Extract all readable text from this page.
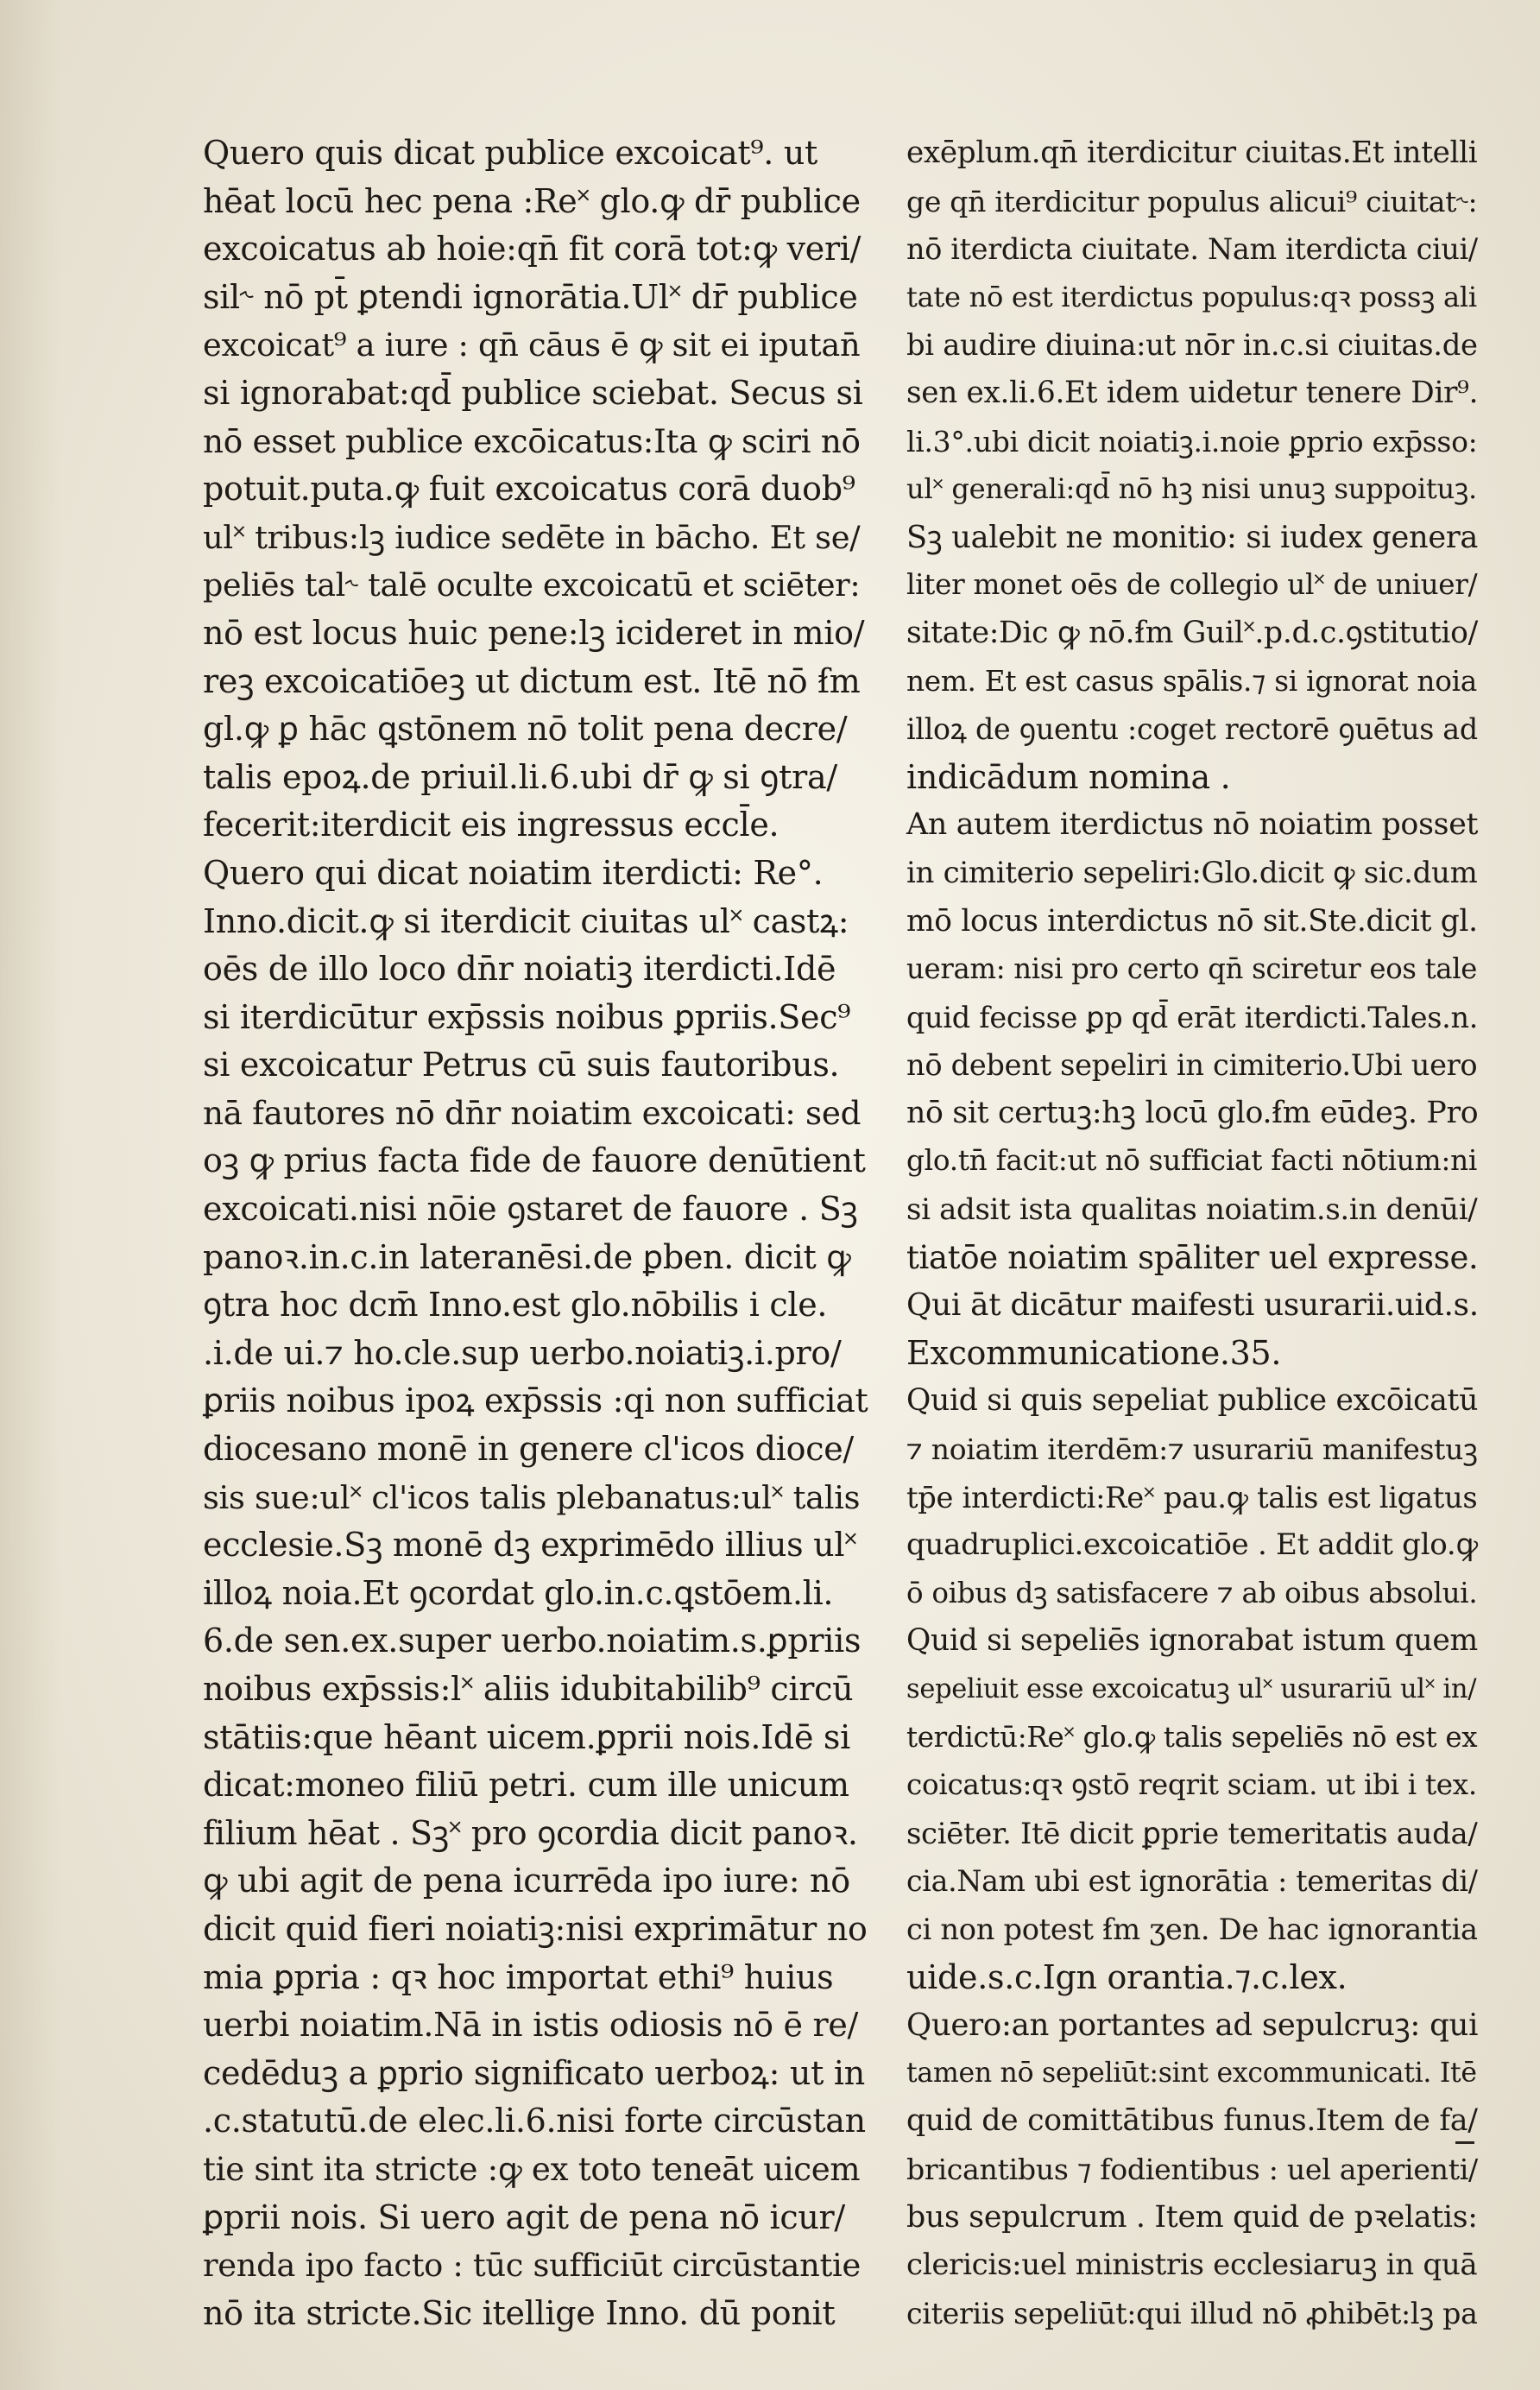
Quero quis dicat publice excoicat⁹. ut
hēat locū hec pena :Re˟ glo.ꝙ dr̄ publice
excoicatus ab hoie:qn̄ fit corā tot:ꝙ veri/
sil˞ nō pt̄ ꝑtendi ignorātia.Ul˟ dr̄ publice
excoicat⁹ a iure : qn̄ cāus ē ꝙ sit ei iputan̄
si ignorabat:qd̄ publice sciebat. Secus si
nō esset publice excōicatus:Ita ꝙ sciri nō
potuit.puta.ꝙ fuit excoicatus corā duob⁹
ul˟ tribus:lꝫ iudice sedēte in bācho. Et se/
peliēs tal˞ talē oculte excoicatū et sciēter:
nō est locus huic pene:lꝫ icideret in mio/
reꝫ excoicatiōeꝫ ut dictum est. Itē nō ẜm
gl.ꝙ ꝑ hāc ꝗstōnem nō tolit pena decre/
talis epoꝝ.de priuil.li.6.ubi dr̄ ꝙ si ꝯtra/
fecerit:iterdicit eis ingressus eccl̄e.
Quero qui dicat noiatim iterdicti: Re°.
Inno.dicit.ꝙ si iterdicit ciuitas ul˟ castꝝ:
oēs de illo loco dn̄r noiatiꝫ iterdicti.Idē
si iterdicūtur exp̄ssis noibus ꝑpriis.Sec⁹
si excoicatur Petrus cū suis fautoribus.
nā fautores nō dn̄r noiatim excoicati: sed
oꝫ ꝙ prius facta fide de fauore denūtient
excoicati.nisi nōie ꝯstaret de fauore . Sꝫ
panoꝛ.in.c.in lateranēsi.de ꝑben. dicit ꝙ
ꝯtra hoc dcm̄ Inno.est glo.nōbilis i cle.
.i.de ui.⁊ ho.cle.sup uerbo.noiatiꝫ.i.pro/
ꝑriis noibus ipoꝝ exp̄ssis :qi non sufficiat
diocesano monē in genere cl'icos dioce/
sis sue:ul˟ cl'icos talis plebanatus:ul˟ talis
ecclesie.Sꝫ monē dꝫ exprimēdo illius ul˟
illoꝝ noia.Et ꝯcordat glo.in.c.ꝗstōem.li.
6.de sen.ex.super uerbo.noiatim.s.ꝑpriis
noibus exp̄ssis:l˟ aliis idubitabilib⁹ circū
stātiis:que hēant uicem.ꝑprii nois.Idē si
dicat:moneo filiū petri. cum ille unicum
filium hēat . Sꝫ˟ pro ꝯcordia dicit panoꝛ.
ꝙ ubi agit de pena icurrēda ipo iure: nō
dicit quid fieri noiatiꝫ:nisi exprimātur no
mia ꝑpria : qꝛ hoc importat ethi⁹ huius
uerbi noiatim.Nā in istis odiosis nō ē re/
cedēduꝫ a ꝑprio significato uerboꝝ: ut in
.c.statutū.de elec.li.6.nisi forte circūstan
tie sint ita stricte :ꝙ ex toto teneāt uicem
ꝑprii nois. Si uero agit de pena nō icur/
renda ipo facto : tūc sufficiūt circūstantie
nō ita stricte.Sic itellige Inno. dū ponit
exēplum.qn̄ iterdicitur ciuitas.Et intelli
ge qn̄ iterdicitur populus alicui⁹ ciuitat˞:
nō iterdicta ciuitate. Nam iterdicta ciui/
tate nō est iterdictus populus:qꝛ possꝫ ali
bi audire diuina:ut nōr in.c.si ciuitas.de
sen ex.li.6.Et idem uidetur tenere Dir⁹.
li.3°.ubi dicit noiatiꝫ.i.noie ꝑprio exp̄sso:
ul˟ generali:qd̄ nō hꝫ nisi unuꝫ suppoituꝫ.
Sꝫ ualebit ne monitio: si iudex genera
liter monet oēs de collegio ul˟ de uniuer/
sitate:Dic ꝙ nō.ẜm Guil˟.p.d.c.ꝯstitutio/
nem. Et est casus spālis.⁊ si ignorat noia
illoꝝ de ꝯuentu :coget rectorē ꝯuētus ad
indicādum nomina .
An autem iterdictus nō noiatim posset
in cimiterio sepeliri:Glo.dicit ꝙ sic.dum
mō locus interdictus nō sit.Ste.dicit gl.
ueram: nisi pro certo qn̄ sciretur eos tale
quid fecisse ꝑp qd̄ erāt iterdicti.Tales.n.
nō debent sepeliri in cimiterio.Ubi uero
nō sit certuꝫ:hꝫ locū glo.ẜm eūdeꝫ. Pro
glo.tn̄ facit:ut nō sufficiat facti nōtium:ni
si adsit ista qualitas noiatim.s.in denūi/
tiatōe noiatim spāliter uel expresse.
Qui āt dicātur maifesti usurarii.uid.s.
Excommunicatione.35.
Quid si quis sepeliat publice excōicatū
⁊ noiatim iterdēm:⁊ usurariū manifestuꝫ
tp̄e interdicti:Re˟ pau.ꝙ talis est ligatus
quadruplici.excoicatiōe . Et addit glo.ꝙ
ō oibus dꝫ satisfacere ⁊ ab oibus absolui.
Quid si sepeliēs ignorabat istum quem
sepeliuit esse excoicatuꝫ ul˟ usurariū ul˟ in/
terdictū:Re˟ glo.ꝙ talis sepeliēs nō est ex
coicatus:qꝛ ꝯstō reqrit sciam. ut ibi i tex.
sciēter. Itē dicit ꝑprie temeritatis auda/
cia.Nam ubi est ignorātia : temeritas di/
ci non potest ẜm ʒen. De hac ignorantia
uide.s.c.Ign orantia.⁊.c.lex.
Quero:an portantes ad sepulcruꝫ: qui
tamen nō sepeliūt:sint excommunicati. Itē
quid de comittātibus funus.Item de fa/
bricantibus ⁊ fodientibus : uel aperienti/
bus sepulcrum . Item quid de pꝛelatis:
clericis:uel ministris ecclesiaruꝫ in quā
citeriis sepeliūt:qui illud nō ꝓhibēt:lꝫ pa
